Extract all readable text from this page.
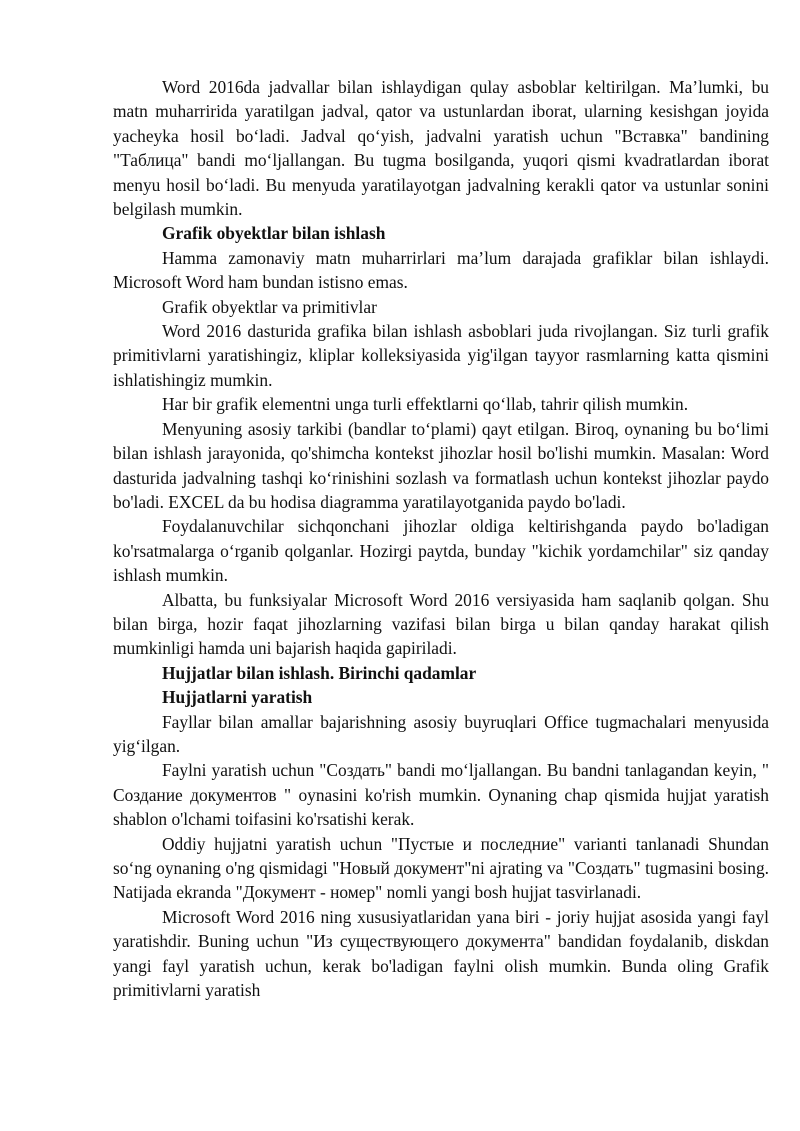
Word 2016da jadvallar bilan ishlaydigan qulay asboblar keltirilgan. Ma’lumki, bu matn muharririda yaratilgan jadval, qator va ustunlardan iborat, ularning kesishgan joyida yacheyka hosil bo‘ladi. Jadval qo‘yish, jadvalni yaratish uchun "Вставка" bandining "Таблица" bandi mo‘ljallangan. Bu tugma bosilganda, yuqori qismi kvadratlardan iborat menyu hosil bo‘ladi. Bu menyuda yaratilayotgan jadvalning kerakli qator va ustunlar sonini belgilash mumkin.

Grafik obyektlar bilan ishlash

Hamma zamonaviy matn muharrirlari ma’lum darajada grafiklar bilan ishlaydi. Microsoft Word ham bundan istisno emas.

Grafik obyektlar va primitivlar

Word 2016 dasturida grafika bilan ishlash asboblari juda rivojlangan. Siz turli grafik primitivlarni yaratishingiz, kliplar kolleksiyasida yig'ilgan tayyor rasmlarning katta qismini ishlatishingiz mumkin.

Har bir grafik elementni unga turli effektlarni qo‘llab, tahrir qilish mumkin.

Menyuning asosiy tarkibi (bandlar to‘plami) qayt etilgan. Biroq, oynaning bu bo‘limi bilan ishlash jarayonida, qo'shimcha kontekst jihozlar hosil bo'lishi mumkin. Masalan: Word dasturida jadvalning tashqi ko‘rinishini sozlash va formatlash uchun kontekst jihozlar paydo bo'ladi. EXCEL da bu hodisa diagramma yaratilayotganida paydo bo'ladi.

Foydalanuvchilar sichqonchani jihozlar oldiga keltirishganda paydo bo'ladigan ko'rsatmalarga o‘rganib qolganlar. Hozirgi paytda, bunday "kichik yordamchilar" siz qanday ishlash mumkin.

Albatta, bu funksiyalar Microsoft Word 2016 versiyasida ham saqlanib qolgan. Shu bilan birga, hozir faqat jihozlarning vazifasi bilan birga u bilan qanday harakat qilish mumkinligi hamda uni bajarish haqida gapiriladi.

Hujjatlar bilan ishlash. Birinchi qadamlar

Hujjatlarni yaratish

Fayllar bilan amallar bajarishning asosiy buyruqlari Office tugmachalari menyusida yig‘ilgan.

Faylni yaratish uchun "Создать" bandi mo‘ljallangan. Bu bandni tanlagandan keyin, " Создание документов " oynasini ko'rish mumkin. Oynaning chap qismida hujjat yaratish shablon o'lchami toifasini ko'rsatishi kerak.

Oddiy hujjatni yaratish uchun "Пустые и последние" varianti tanlanadi Shundan so‘ng oynaning o'ng qismidagi "Новый документ"ni ajrating va "Создать" tugmasini bosing. Natijada ekranda "Документ - номер" nomli yangi bosh hujjat tasvirlanadi.

Microsoft Word 2016 ning xususiyatlaridan yana biri - joriy hujjat asosida yangi fayl yaratishdir. Buning uchun "Из существующего документа" bandidan foydalanib, diskdan yangi fayl yaratish uchun, kerak bo'ladigan faylni olish mumkin. Bunda oling Grafik primitivlarni yaratish
